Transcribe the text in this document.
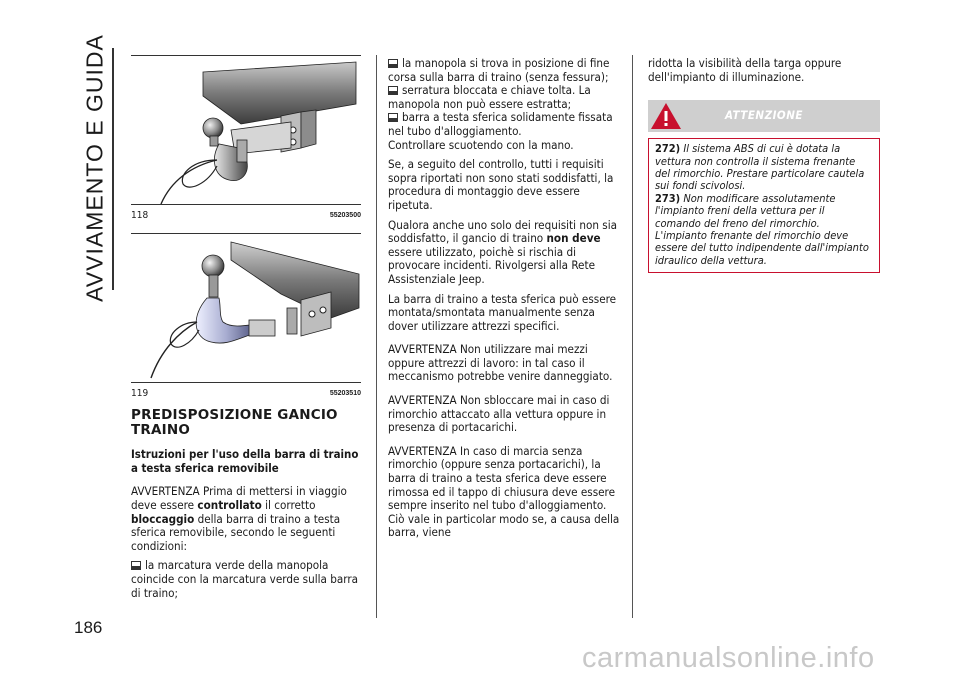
AVVIAMENTO E GUIDA
186
118	55203500
119	55203510
PREDISPOSIZIONE GANCIO TRAINO
Istruzioni per l'uso della barra di traino a testa sferica removibile

AVVERTENZA Prima di mettersi in viaggio deve essere controllato il corretto bloccaggio della barra di traino a testa sferica removibile, secondo le seguenti condizioni:

la marcatura verde della manopola coincide con la marcatura verde sulla barra di traino;

la manopola si trova in posizione di fine corsa sulla barra di traino (senza fessura);

serratura bloccata e chiave tolta. La manopola non può essere estratta;

barra a testa sferica solidamente fissata nel tubo d'alloggiamento.

Controllare scuotendo con la mano.

Se, a seguito del controllo, tutti i requisiti sopra riportati non sono stati soddisfatti, la procedura di montaggio deve essere ripetuta.

Qualora anche uno solo dei requisiti non sia soddisfatto, il gancio di traino non deve essere utilizzato, poichè si rischia di provocare incidenti. Rivolgersi alla Rete Assistenziale Jeep.

La barra di traino a testa sferica può essere montata/smontata manualmente senza dover utilizzare attrezzi specifici.

AVVERTENZA Non utilizzare mai mezzi oppure attrezzi di lavoro: in tal caso il meccanismo potrebbe venire danneggiato.

AVVERTENZA Non sbloccare mai in caso di rimorchio attaccato alla vettura oppure in presenza di portacarichi.

AVVERTENZA In caso di marcia senza rimorchio (oppure senza portacarichi), la barra di traino a testa sferica deve essere rimossa ed il tappo di chiusura deve essere sempre inserito nel tubo d'alloggiamento. Ciò vale in particolar modo se, a causa della barra, viene

ridotta la visibilità della targa oppure dell'impianto di illuminazione.

ATTENZIONE

272) Il sistema ABS di cui è dotata la vettura non controlla il sistema frenante del rimorchio. Prestare particolare cautela sui fondi scivolosi.

273) Non modificare assolutamente l'impianto freni della vettura per il comando del freno del rimorchio. L'impianto frenante del rimorchio deve essere del tutto indipendente dall'impianto idraulico della vettura.

carmanualsonline.info
